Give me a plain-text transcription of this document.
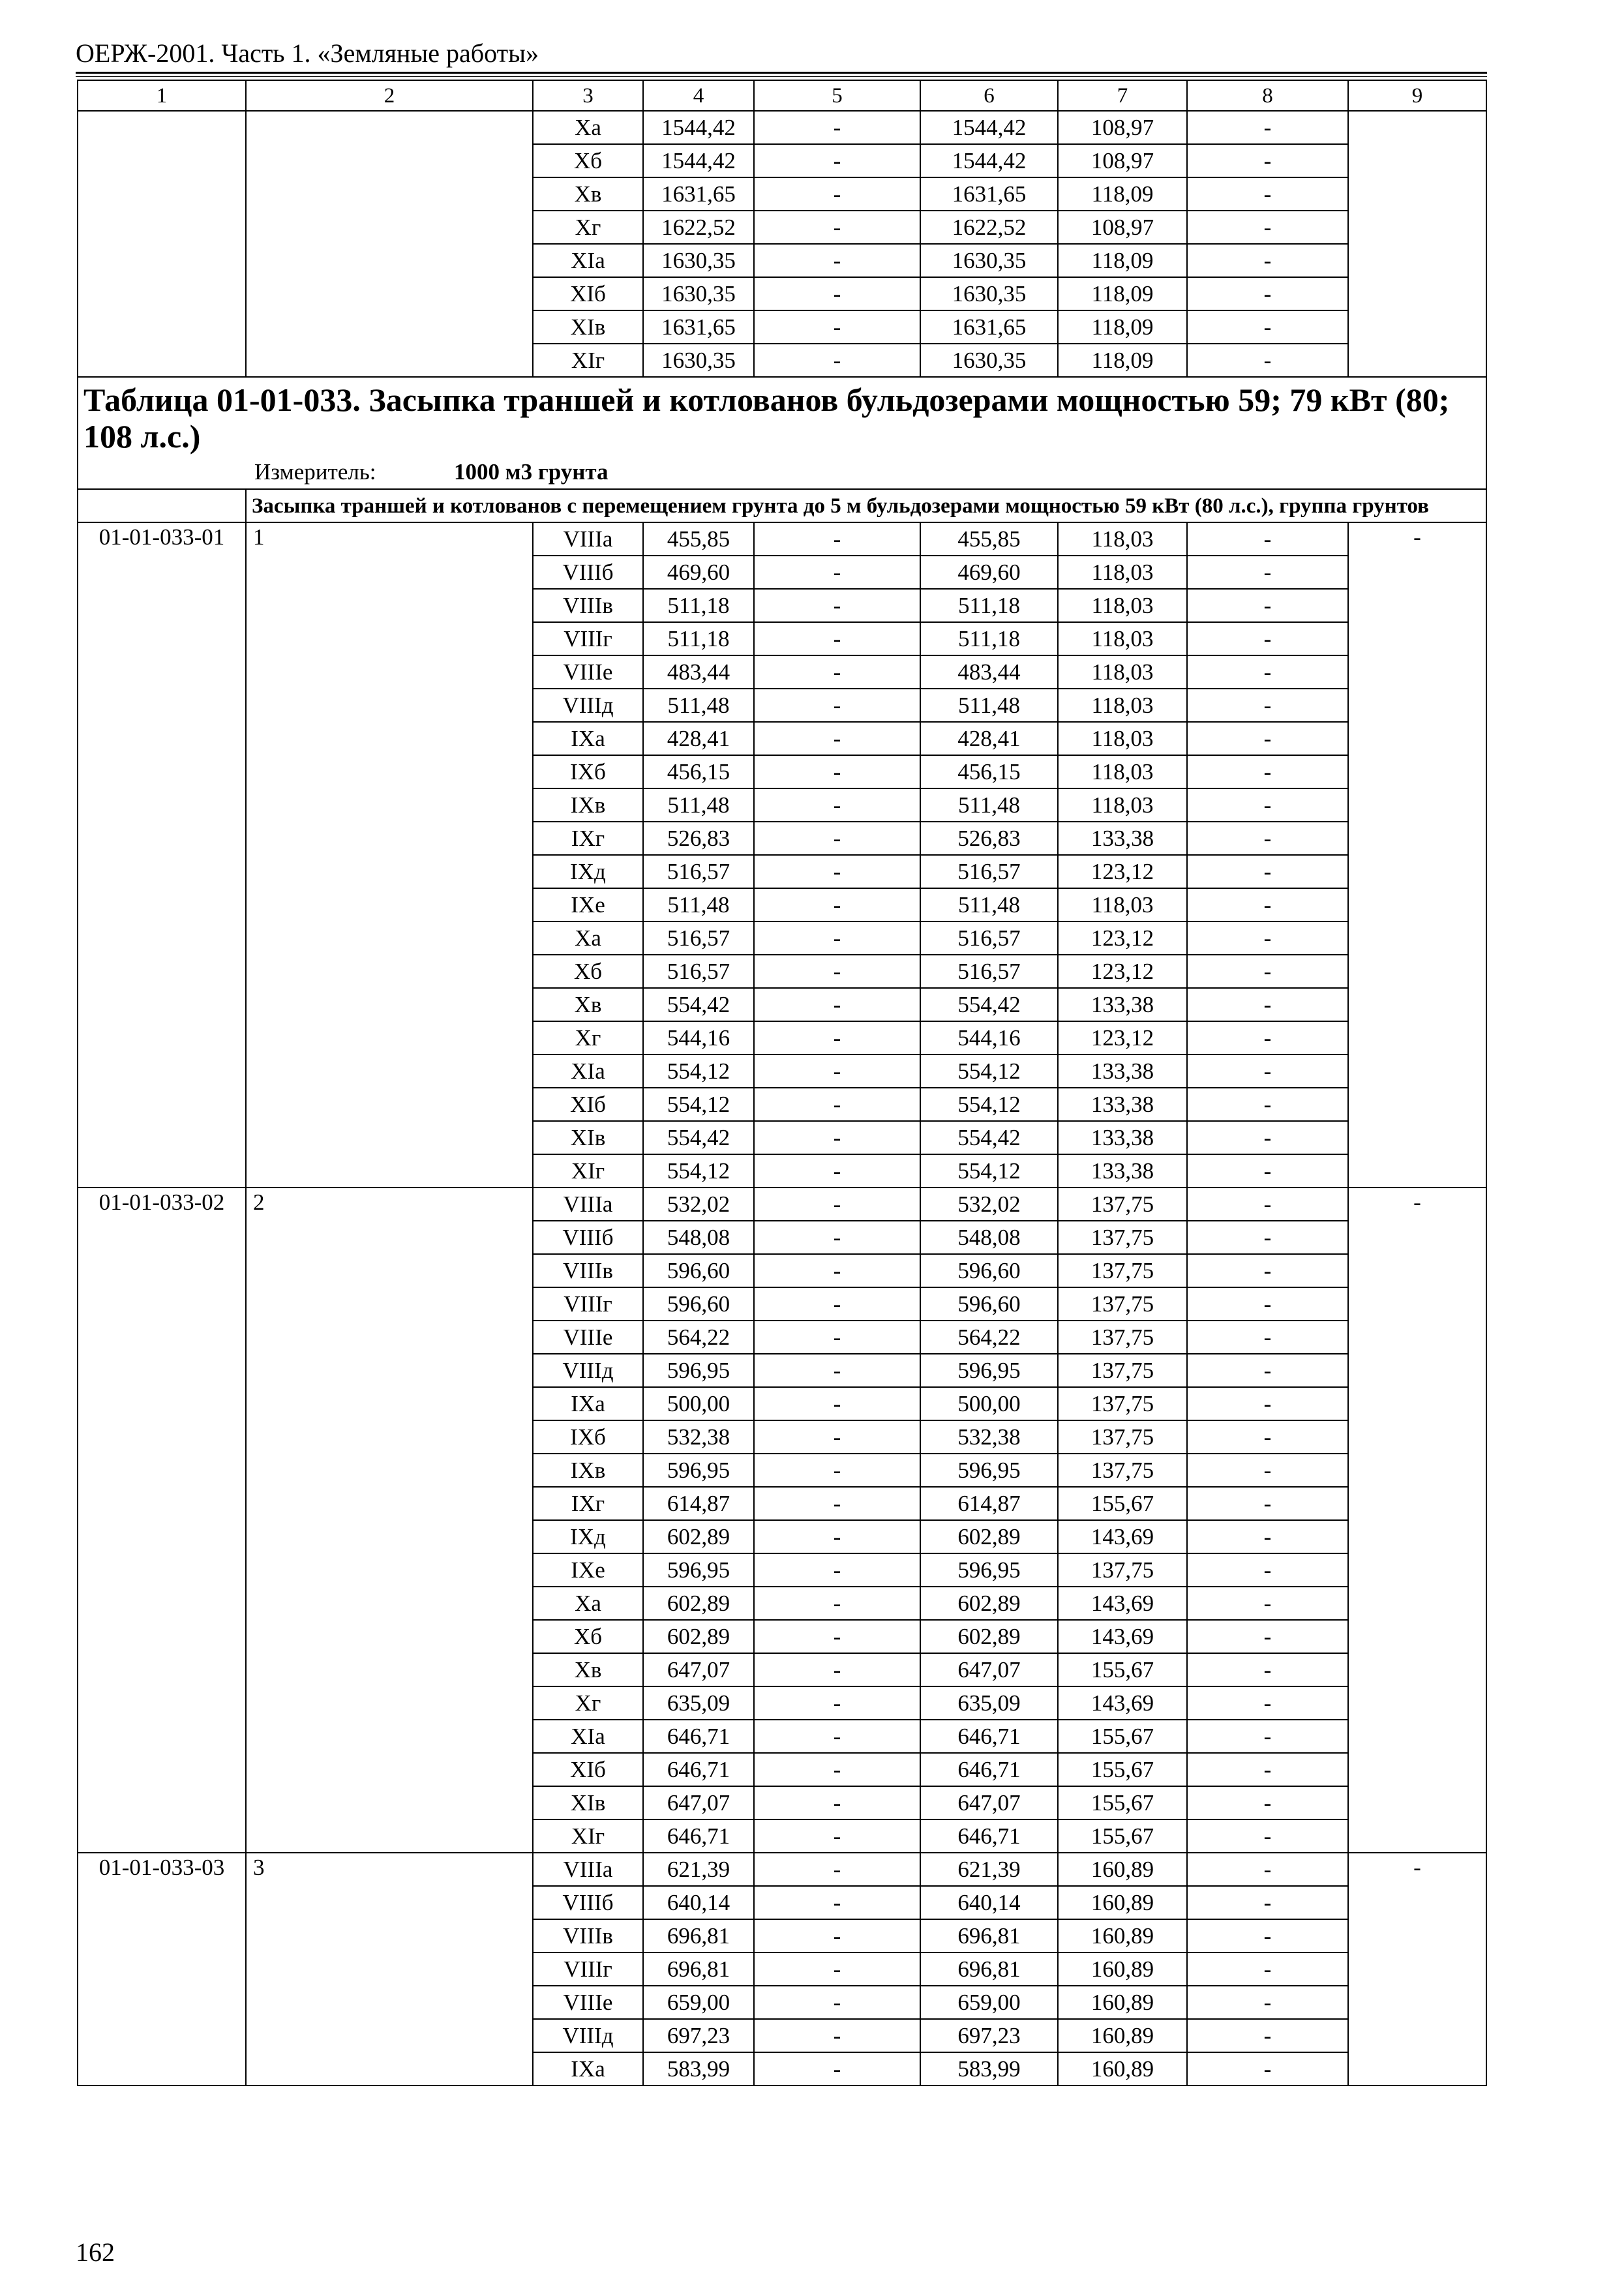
ОЕРЖ-2001. Часть 1. «Земляные работы»
1	2	3	4	5	6	7	8	9
		Xa	1544,42	-	1544,42	108,97	-	
		Xб	1544,42	-	1544,42	108,97	-	
		Xв	1631,65	-	1631,65	118,09	-	
		Xг	1622,52	-	1622,52	108,97	-	
		XIa	1630,35	-	1630,35	118,09	-	
		XIб	1630,35	-	1630,35	118,09	-	
		XIв	1631,65	-	1631,65	118,09	-	
		XIг	1630,35	-	1630,35	118,09	-	

Таблица 01-01-033. Засыпка траншей и котлованов бульдозерами мощностью 59; 79 кВт (80; 108 л.с.)
Измеритель: 1000 м3 грунта								

	Засыпка траншей и котлованов с перемещением грунта до 5 м бульдозерами мощностью 59 кВт (80 л.с.), группа грунтов							
01-01-033-01	1	VIIIa	455,85	-	455,85	118,03	-	-
		VIIIб	469,60	-	469,60	118,03	-	
		VIIIв	511,18	-	511,18	118,03	-	
		VIIIг	511,18	-	511,18	118,03	-	
		VIIIe	483,44	-	483,44	118,03	-	
		VIIIд	511,48	-	511,48	118,03	-	
		IXa	428,41	-	428,41	118,03	-	
		IXб	456,15	-	456,15	118,03	-	
		IXв	511,48	-	511,48	118,03	-	
		IXг	526,83	-	526,83	133,38	-	
		IXд	516,57	-	516,57	123,12	-	
		IXe	511,48	-	511,48	118,03	-	
		Xa	516,57	-	516,57	123,12	-	
		Xб	516,57	-	516,57	123,12	-	
		Xв	554,42	-	554,42	133,38	-	
		Xг	544,16	-	544,16	123,12	-	
		XIa	554,12	-	554,12	133,38	-	
		XIб	554,12	-	554,12	133,38	-	
		XIв	554,42	-	554,42	133,38	-	
		XIг	554,12	-	554,12	133,38	-	
01-01-033-02	2	VIIIa	532,02	-	532,02	137,75	-	-
		VIIIб	548,08	-	548,08	137,75	-	
		VIIIв	596,60	-	596,60	137,75	-	
		VIIIг	596,60	-	596,60	137,75	-	
		VIIIe	564,22	-	564,22	137,75	-	
		VIIIд	596,95	-	596,95	137,75	-	
		IXa	500,00	-	500,00	137,75	-	
		IXб	532,38	-	532,38	137,75	-	
		IXв	596,95	-	596,95	137,75	-	
		IXг	614,87	-	614,87	155,67	-	
		IXд	602,89	-	602,89	143,69	-	
		IXe	596,95	-	596,95	137,75	-	
		Xa	602,89	-	602,89	143,69	-	
		Xб	602,89	-	602,89	143,69	-	
		Xв	647,07	-	647,07	155,67	-	
		Xг	635,09	-	635,09	143,69	-	
		XIa	646,71	-	646,71	155,67	-	
		XIб	646,71	-	646,71	155,67	-	
		XIв	647,07	-	647,07	155,67	-	
		XIг	646,71	-	646,71	155,67	-	
01-01-033-03	3	VIIIa	621,39	-	621,39	160,89	-	-
		VIIIб	640,14	-	640,14	160,89	-	
		VIIIв	696,81	-	696,81	160,89	-	
		VIIIг	696,81	-	696,81	160,89	-	
		VIIIe	659,00	-	659,00	160,89	-	
		VIIIд	697,23	-	697,23	160,89	-	
		IXa	583,99	-	583,99	160,89	-	
162
